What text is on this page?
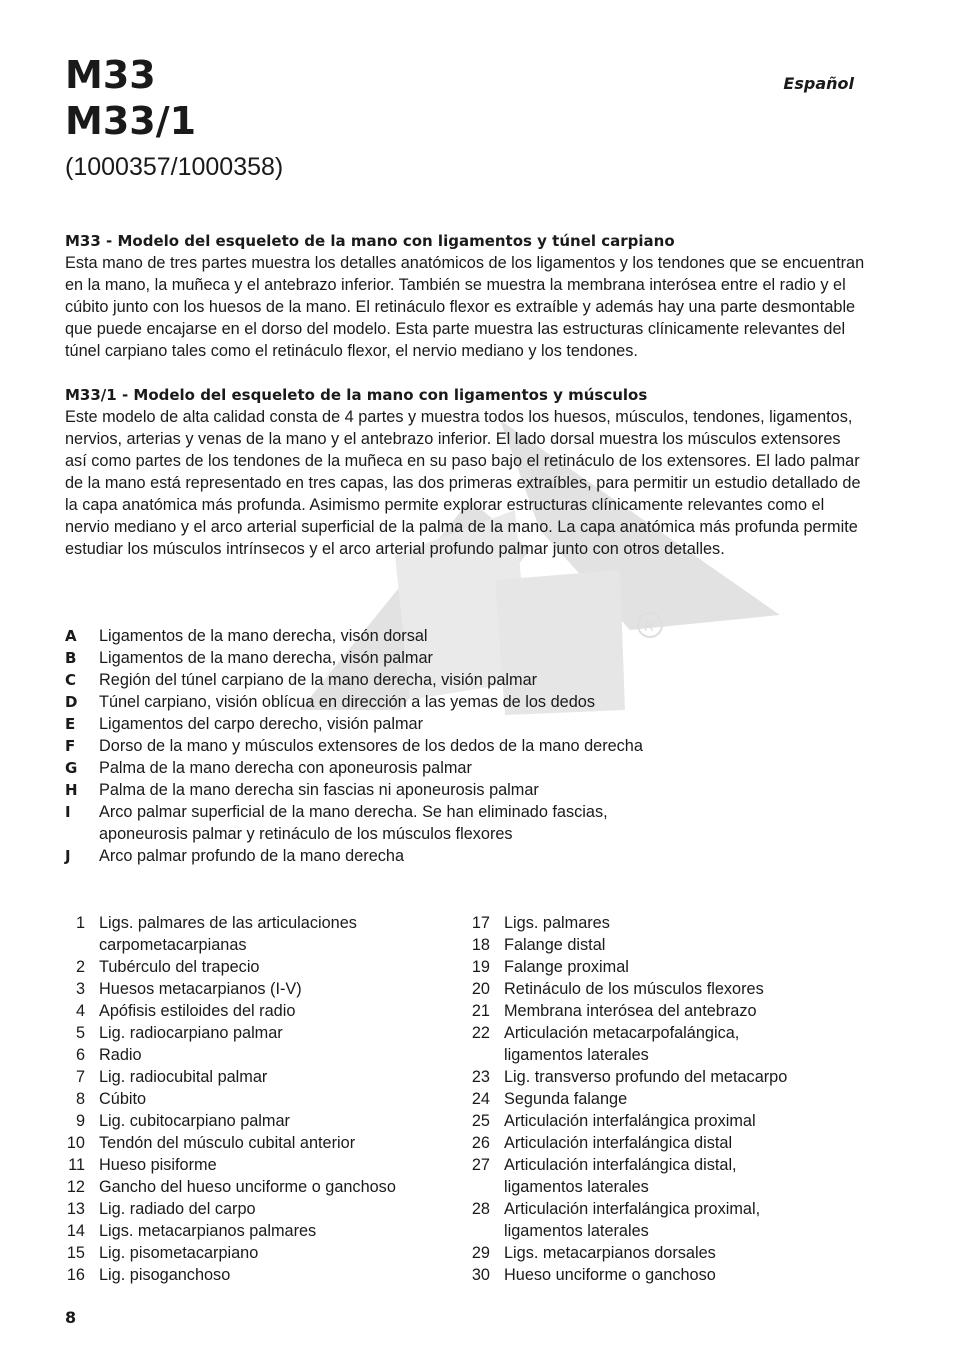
R
M33
M33/1
Español
(1000357/1000358)
M33 - Modelo del esqueleto de la mano con ligamentos y túnel carpiano

Esta mano de tres partes muestra los detalles anatómicos de los ligamentos y los tendones que se encuentran en la mano, la muñeca y el antebrazo inferior. También se muestra la membrana interósea entre el radio y el cúbito junto con los huesos de la mano. El retináculo flexor es extraíble y además hay una parte desmontable que puede encajarse en el dorso del modelo. Esta parte muestra las estructuras clínicamente relevantes del túnel carpiano tales como el retináculo flexor, el nervio mediano y los tendones.

M33/1 - Modelo del esqueleto de la mano con ligamentos y músculos

Este modelo de alta calidad consta de 4 partes y muestra todos los huesos, músculos, tendones, ligamentos, nervios, arterias y venas de la mano y el antebrazo inferior. El lado dorsal muestra los músculos extensores así como partes de los tendones de la muñeca en su paso bajo el retináculo de los extensores. El lado palmar de la mano está representado en tres capas, las dos primeras extraíbles, para permitir un estudio detallado de la capa anatómica más profunda. Asimismo permite explorar estructuras clínicamente relevantes como el nervio mediano y el arco arterial superficial de la palma de la mano. La capa anatómica más profunda permite estudiar los músculos intrínsecos y el arco arterial profundo palmar junto con otros detalles.

A	Ligamentos de la mano derecha, visón dorsal
B	Ligamentos de la mano derecha, visón palmar
C	Región del túnel carpiano de la mano derecha, visión palmar
D	Túnel carpiano, visión oblícua en dirección a las yemas de los dedos
E	Ligamentos del carpo derecho, visión palmar
F	Dorso de la mano y músculos extensores de los dedos de la mano derecha
G	Palma de la mano derecha con aponeurosis palmar
H	Palma de la mano derecha sin fascias ni aponeurosis palmar
I	Arco palmar superficial de la mano derecha. Se han eliminado fascias, aponeurosis palmar y retináculo de los músculos flexores
J	Arco palmar profundo de la mano derecha
1 Ligs. palmares de las articulaciones carpometacarpianas
2 Tubérculo del trapecio
3 Huesos metacarpianos (I-V)
4 Apófisis estiloides del radio
5 Lig. radiocarpiano palmar
6 Radio
7 Lig. radiocubital palmar
8 Cúbito
9 Lig. cubitocarpiano palmar
10 Tendón del músculo cubital anterior
11 Hueso pisiforme
12 Gancho del hueso unciforme o ganchoso
13 Lig. radiado del carpo
14 Ligs. metacarpianos palmares
15 Lig. pisometacarpiano
16 Lig. pisoganchoso
17 Ligs. palmares
18 Falange distal
19 Falange proximal
20 Retináculo de los músculos flexores
21 Membrana interósea del antebrazo
22 Articulación metacarpofalángica, ligamentos laterales
23 Lig. transverso profundo del metacarpo
24 Segunda falange
25 Articulación interfalángica proximal
26 Articulación interfalángica distal
27 Articulación interfalángica distal, ligamentos laterales
28 Articulación interfalángica proximal, ligamentos laterales
29 Ligs. metacarpianos dorsales
30 Hueso unciforme o ganchoso
8
